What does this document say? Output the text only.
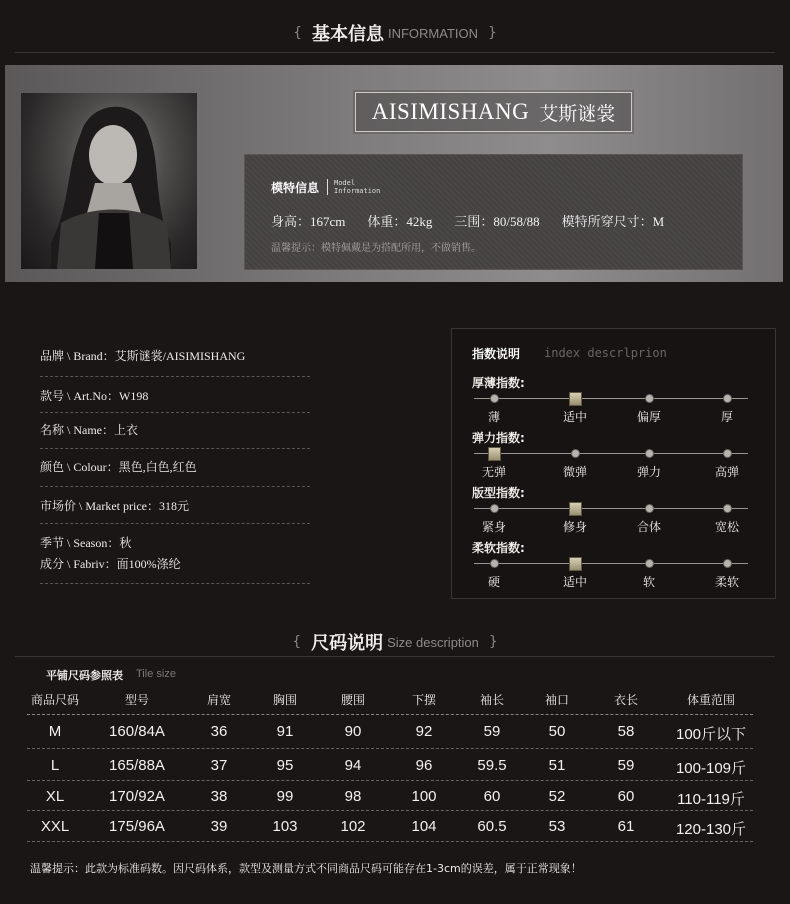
{ 基本信息 INFORMATION }
AISIMISHANG 艾斯谜裳
模特信息 Model
Information
身高：167cm 体重：42kg 三围：80/58/88 模特所穿尺寸：M
温馨提示：模特佩戴是为搭配所用，不做销售。
品牌 \ Brand：艾斯谜裳/AISIMISHANG
款号 \ Art.No：W198
名称 \ Name：上衣
颜色 \ Colour：黑色,白色,红色
市场价 \ Market price：318元
季节 \ Season：秋
成分 \ Fabriv：面100%涤纶
指数说明 index descrlprion
厚薄指数:
薄	适中	偏厚	厚
弹力指数:
无弹	微弹	弹力	高弹
版型指数:
紧身	修身	合体	宽松
柔软指数:
硬	适中	软	柔软
{ 尺码说明 Size description }
平铺尺码参照表 Tile size
商品尺码	型号	肩宽	胸围	腰围	下摆	袖长	袖口	衣长	体重范围
M	160/84A	36	91	90	92	59	50	58	100斤以下
L	165/88A	37	95	94	96	59.5	51	59	100-109斤
XL	170/92A	38	99	98	100	60	52	60	110-119斤
XXL	175/96A	39	103	102	104	60.5	53	61	120-130斤
温馨提示：此款为标准码数。因尺码体系，款型及测量方式不同商品尺码可能存在1-3cm的误差，属于正常现象！
